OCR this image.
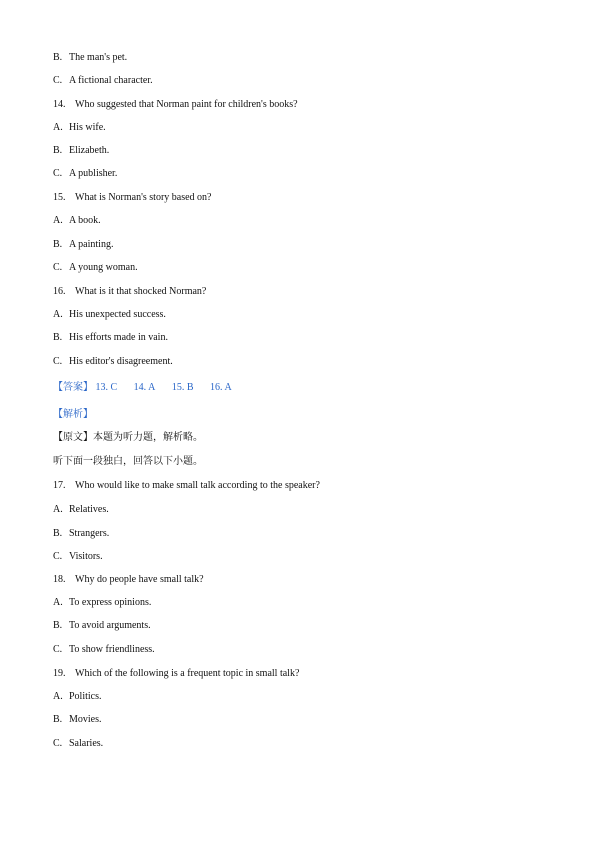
B. The man's pet.
C. A fictional character.
14. Who suggested that Norman paint for children's books?
A. His wife.
B. Elizabeth.
C. A publisher.
15. What is Norman's story based on?
A. A book.
B. A painting.
C. A young woman.
16. What is it that shocked Norman?
A. His unexpected success.
B. His efforts made in vain.
C. His editor's disagreement.
【答案】 13. C 14. A 15. B 16. A
【解析】
【原文】本题为听力题，解析略。
听下面一段独白，回答以下小题。
17. Who would like to make small talk according to the speaker?
A. Relatives.
B. Strangers.
C. Visitors.
18. Why do people have small talk?
A. To express opinions.
B. To avoid arguments.
C. To show friendliness.
19. Which of the following is a frequent topic in small talk?
A. Politics.
B. Movies.
C. Salaries.
